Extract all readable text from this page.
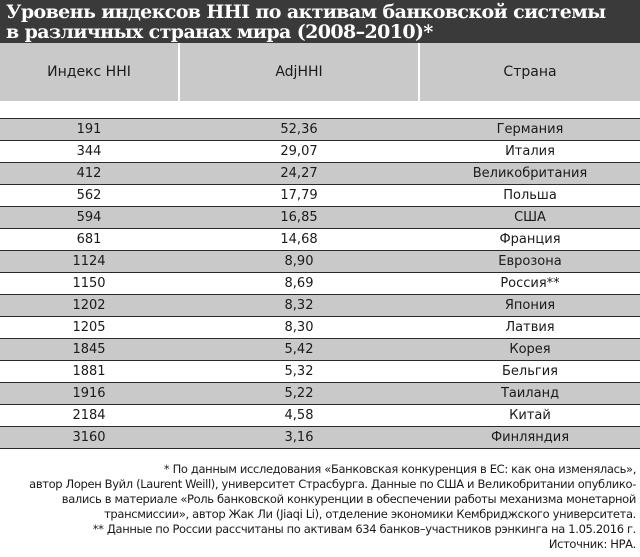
Уровень индексов ННI по активам банковской системы
в различных странах мира (2008–2010)*
Индекс ННI	AdjHHI	Страна
191	52,36	Германия
344	29,07	Италия
412	24,27	Великобритания
562	17,79	Польша
594	16,85	США
681	14,68	Франция
1124	8,90	Еврозона
1150	8,69	Россия**
1202	8,32	Япония
1205	8,30	Латвия
1845	5,42	Корея
1881	5,32	Бельгия
1916	5,22	Таиланд
2184	4,58	Китай
3160	3,16	Финляндия
* По данным исследования «Банковская конкуренция в ЕС: как она изменялась»,
автор Лорен Вуйл (Laurent Weill), университет Страсбурга. Данные по США и Великобритании опублико-
вались в материале «Роль банковской конкуренции в обеспечении работы механизма монетарной
трансмиссии», автор Жак Ли (Jiaqi Li), отделение экономики Кембриджского университета.
** Данные по России рассчитаны по активам 634 банков–участников рэнкинга на 1.05.2016 г.
Источник: НРА.
